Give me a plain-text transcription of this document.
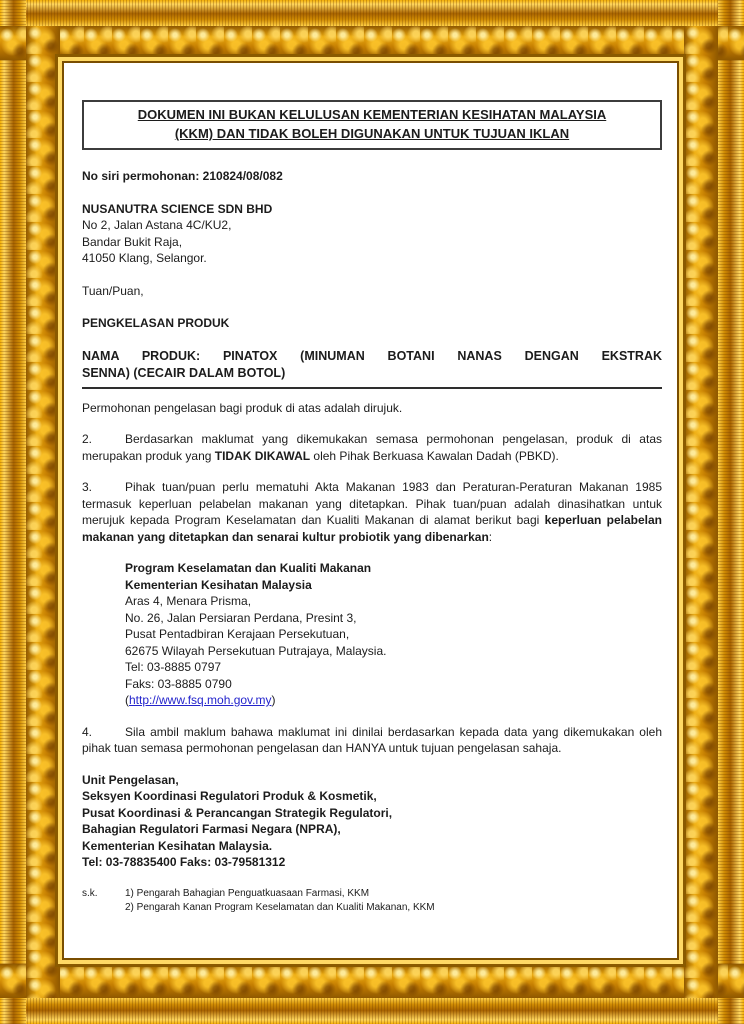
DOKUMEN INI BUKAN KELULUSAN KEMENTERIAN KESIHATAN MALAYSIA
(KKM) DAN TIDAK BOLEH DIGUNAKAN UNTUK TUJUAN IKLAN

No siri permohonan: 210824/08/082

NUSANUTRA SCIENCE SDN BHD

No 2, Jalan Astana 4C/KU2,

Bandar Bukit Raja,

41050 Klang, Selangor.

Tuan/Puan,

PENGKELASAN PRODUK

NAMA PRODUK: PINATOX (MINUMAN BOTANI NANAS DENGAN EKSTRAK
SENNA) (CECAIR DALAM BOTOL)

Permohonan pengelasan bagi produk di atas adalah dirujuk.

2.	Berdasarkan maklumat yang dikemukakan semasa permohonan pengelasan, produk di atas merupakan produk yang TIDAK DIKAWAL oleh Pihak Berkuasa Kawalan Dadah (PBKD).

3.	Pihak tuan/puan perlu mematuhi Akta Makanan 1983 dan Peraturan-Peraturan Makanan 1985 termasuk keperluan pelabelan makanan yang ditetapkan. Pihak tuan/puan adalah dinasihatkan untuk merujuk kepada Program Keselamatan dan Kualiti Makanan di alamat berikut bagi keperluan pelabelan makanan yang ditetapkan dan senarai kultur probiotik yang dibenarkan:

Program Keselamatan dan Kualiti Makanan
Kementerian Kesihatan Malaysia
Aras 4, Menara Prisma,
No. 26, Jalan Persiaran Perdana, Presint 3,
Pusat Pentadbiran Kerajaan Persekutuan,
62675 Wilayah Persekutuan Putrajaya, Malaysia.
Tel: 03-8885 0797
Faks: 03-8885 0790
(http://www.fsq.moh.gov.my)

4.	Sila ambil maklum bahawa maklumat ini dinilai berdasarkan kepada data yang dikemukakan oleh pihak tuan semasa permohonan pengelasan dan HANYA untuk tujuan pengelasan sahaja.

Unit Pengelasan,
Seksyen Koordinasi Regulatori Produk & Kosmetik,
Pusat Koordinasi & Perancangan Strategik Regulatori,
Bahagian Regulatori Farmasi Negara (NPRA),
Kementerian Kesihatan Malaysia.
Tel: 03-78835400 Faks: 03-79581312
s.k.	1) Pengarah Bahagian Penguatkuasaan Farmasi, KKM
2) Pengarah Kanan Program Keselamatan dan Kualiti Makanan, KKM
